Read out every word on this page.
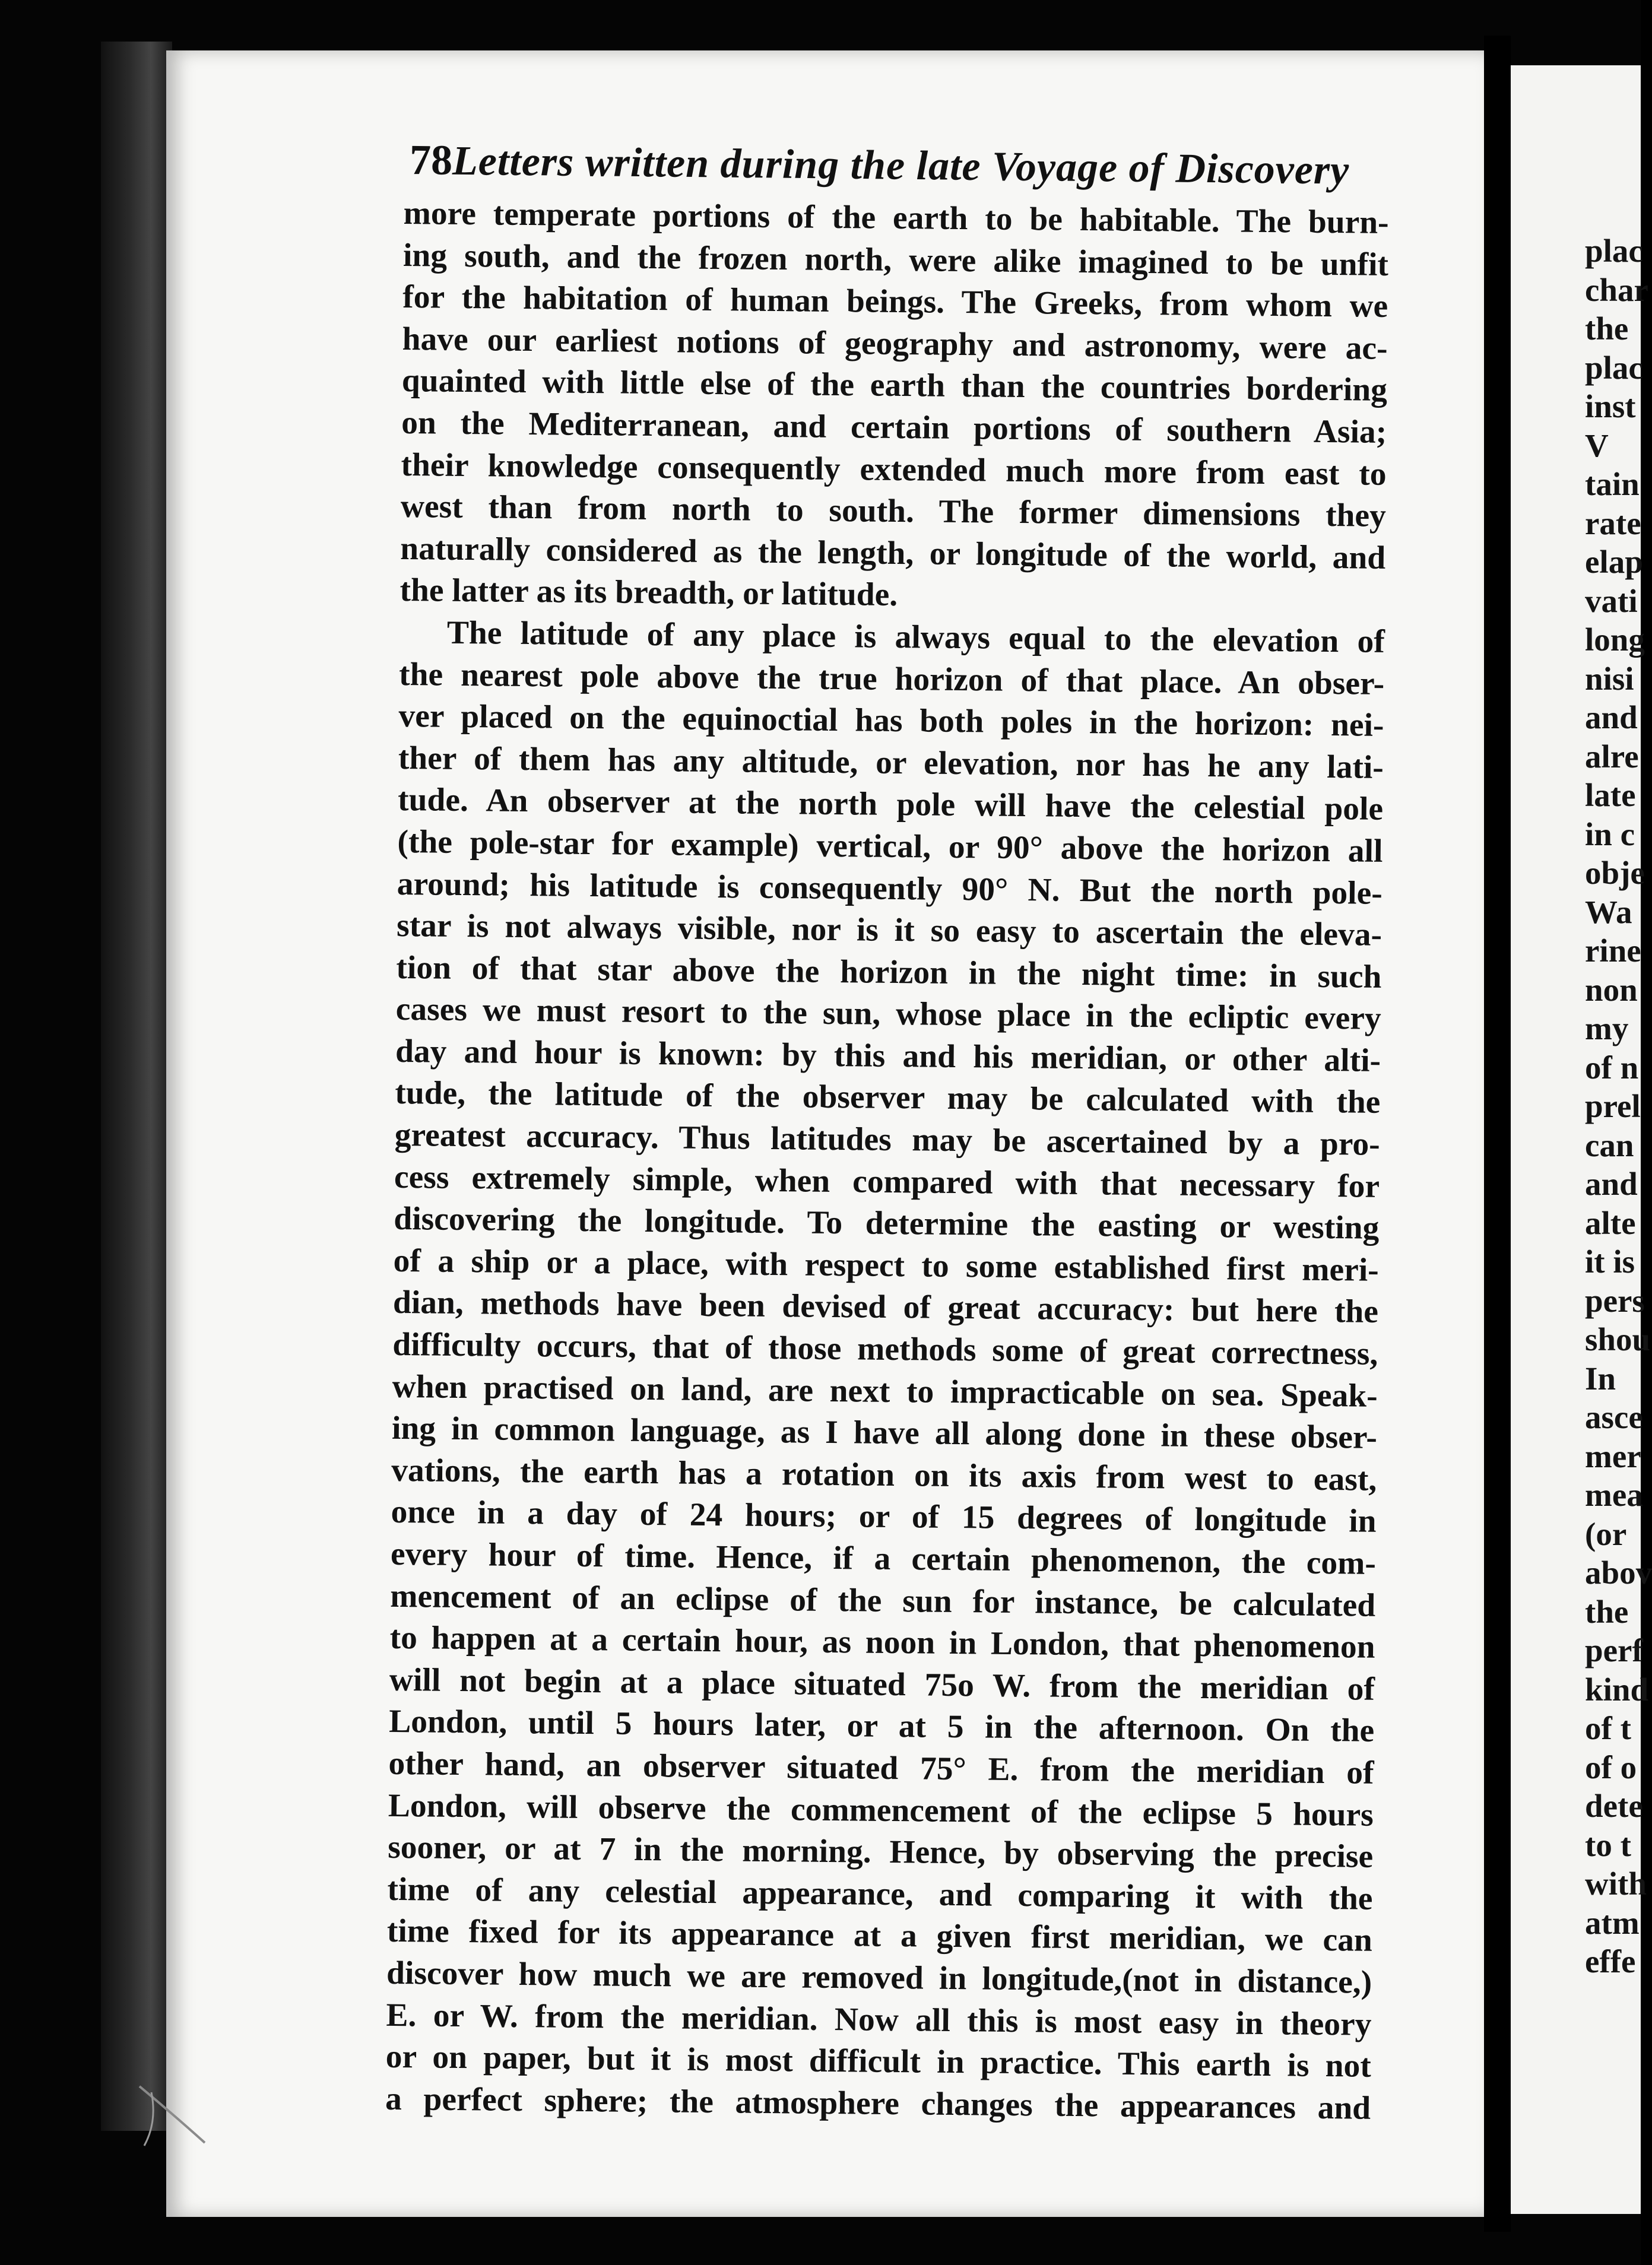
78 Letters written during the late Voyage of Discovery
more temperate portions of the earth to be habitable. The burn-
ing south, and the frozen north, were alike imagined to be unfit
for the habitation of human beings. The Greeks, from whom we
have our earliest notions of geography and astronomy, were ac-
quainted with little else of the earth than the countries bordering
on the Mediterranean, and certain portions of southern Asia;
their knowledge consequently extended much more from east to
west than from north to south. The former dimensions they
naturally considered as the length, or longitude of the world, and
the latter as its breadth, or latitude.
The latitude of any place is always equal to the elevation of
the nearest pole above the true horizon of that place. An obser-
ver placed on the equinoctial has both poles in the horizon: nei-
ther of them has any altitude, or elevation, nor has he any lati-
tude. An observer at the north pole will have the celestial pole
(the pole-star for example) vertical, or 90° above the horizon all
around; his latitude is consequently 90° N. But the north pole-
star is not always visible, nor is it so easy to ascertain the eleva-
tion of that star above the horizon in the night time: in such
cases we must resort to the sun, whose place in the ecliptic every
day and hour is known: by this and his meridian, or other alti-
tude, the latitude of the observer may be calculated with the
greatest accuracy. Thus latitudes may be ascertained by a pro-
cess extremely simple, when compared with that necessary for
discovering the longitude. To determine the easting or westing
of a ship or a place, with respect to some established first meri-
dian, methods have been devised of great accuracy: but here the
difficulty occurs, that of those methods some of great correctness,
when practised on land, are next to impracticable on sea. Speak-
ing in common language, as I have all along done in these obser-
vations, the earth has a rotation on its axis from west to east,
once in a day of 24 hours; or of 15 degrees of longitude in
every hour of time. Hence, if a certain phenomenon, the com-
mencement of an eclipse of the sun for instance, be calculated
to happen at a certain hour, as noon in London, that phenomenon
will not begin at a place situated 75o W. from the meridian of
London, until 5 hours later, or at 5 in the afternoon. On the
other hand, an observer situated 75° E. from the meridian of
London, will observe the commencement of the eclipse 5 hours
sooner, or at 7 in the morning. Hence, by observing the precise
time of any celestial appearance, and comparing it with the
time fixed for its appearance at a given first meridian, we can
discover how much we are removed in longitude,(not in distance,)
E. or W. from the meridian. Now all this is most easy in theory
or on paper, but it is most difficult in practice. This earth is not
a perfect sphere; the atmosphere changes the appearances and
plac
char
the
plac
inst
V
tain
rate
elap
vati
long
nisi
and
alre
late
in c
obje
Wa
rine
non
my
of n
prel
can
and
alte
it is
pers
shou
In
asce
mer
mea
(or
abov
the
perf
kind
of t
of o
dete
to t
with
atm
effe
